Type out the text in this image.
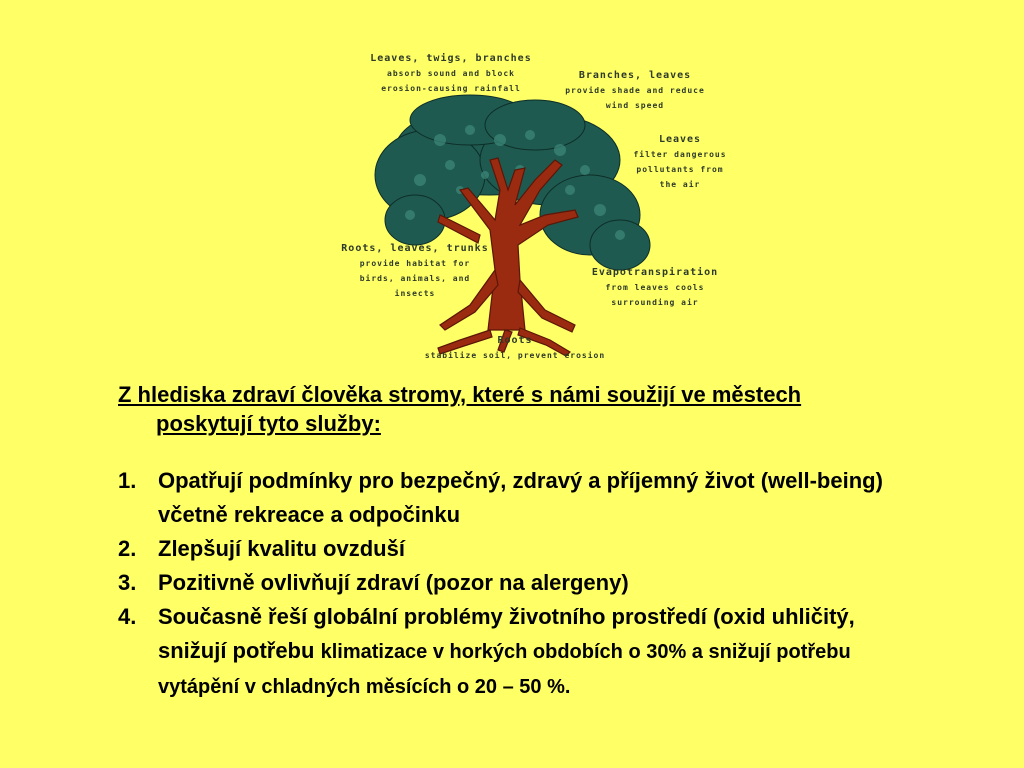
Leaves, twigs, branches
absorb sound and block
erosion-causing rainfall
Branches, leaves
provide shade and reduce
wind speed
Leaves
filter dangerous
pollutants from
the air
Roots, leaves, trunks
provide habitat for
birds, animals, and
insects
Evapotranspiration
from leaves cools
surrounding air
Roots
stabilize soil, prevent erosion
Z hlediska zdraví člověka stromy, které s námi soužijí ve městech poskytují tyto služby:
1. Opatřují podmínky pro bezpečný, zdravý a příjemný život (well-being) včetně rekreace a odpočinku
2. Zlepšují kvalitu ovzduší
3. Pozitivně ovlivňují zdraví (pozor na alergeny)
4. Současně řeší globální problémy životního prostředí (oxid uhličitý, snižují potřebu klimatizace v horkých obdobích o 30% a snižují potřebu vytápění v chladných měsících o 20 – 50 %.
